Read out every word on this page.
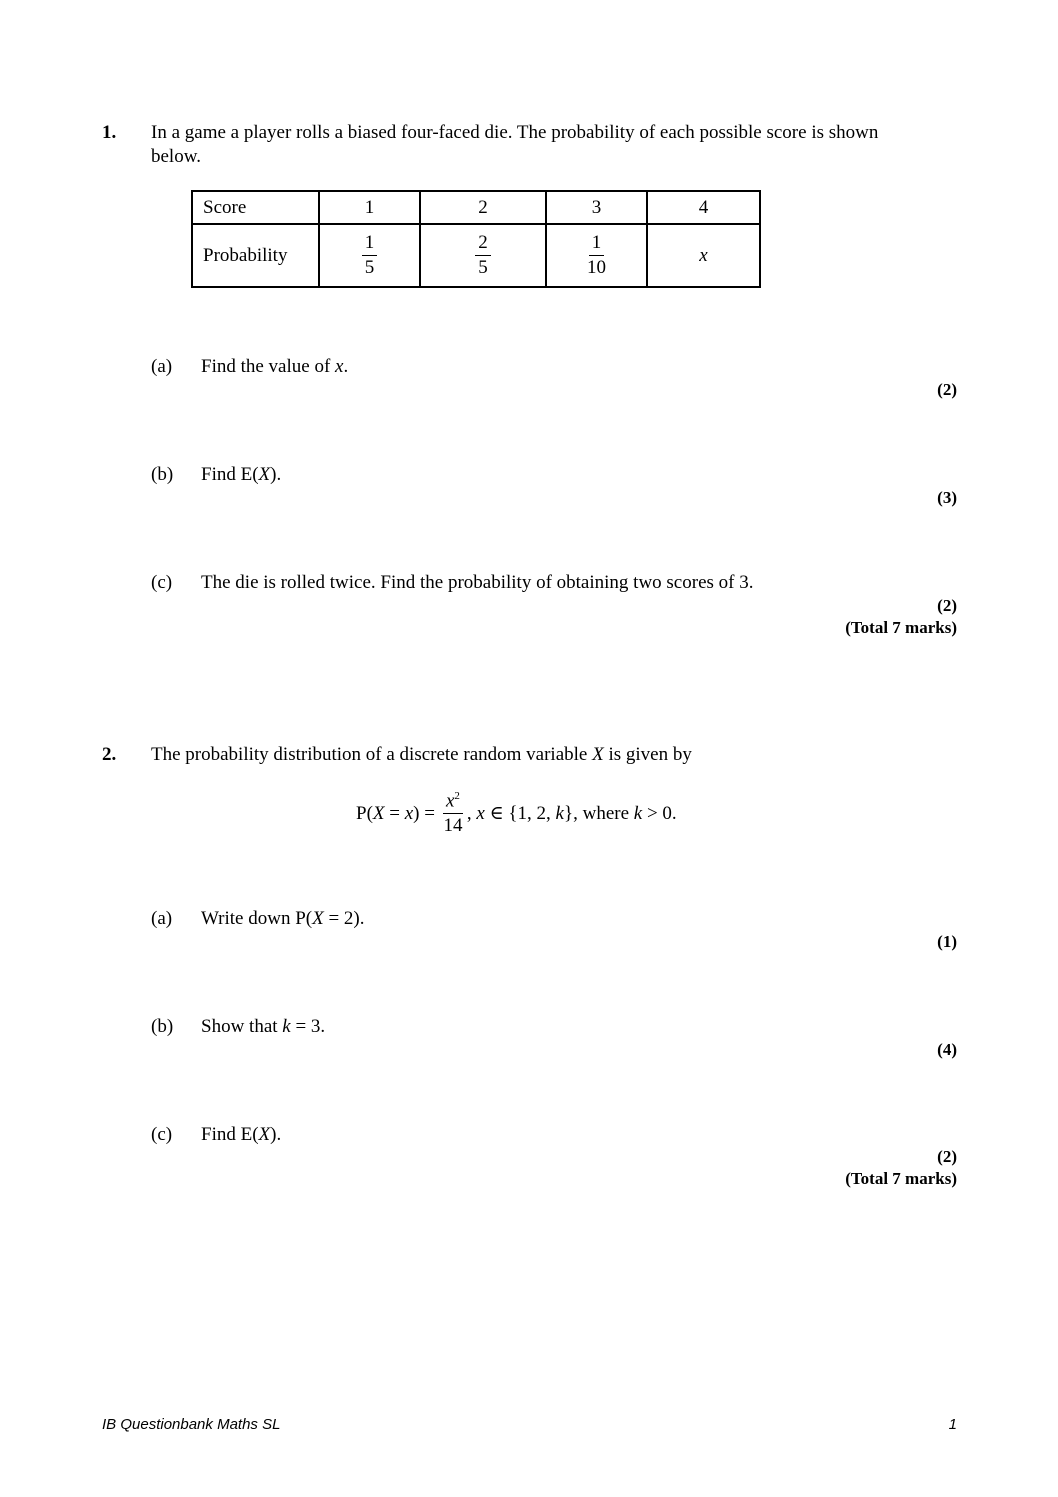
1. In a game a player rolls a biased four-faced die. The probability of each possible score is shown
below.
Score	1	2	3	4
Probability	$\frac{1}{5}$	$\frac{2}{5}$	$\frac{1}{10}$	x
(a) Find the value of x.
(2)
(b) Find E(X).
(3)
(c) The die is rolled twice. Find the probability of obtaining two scores of 3.
(2)
(Total 7 marks)
2. The probability distribution of a discrete random variable X is given by
$P(X = x) = \frac{x^2}{14}$ , x ∈ {1, 2, k}, where k > 0.
(a) Write down P(X = 2).
(1)
(b) Show that k = 3.
(4)
(c) Find E(X).
(2)
(Total 7 marks)
IB Questionbank Maths SL	1
